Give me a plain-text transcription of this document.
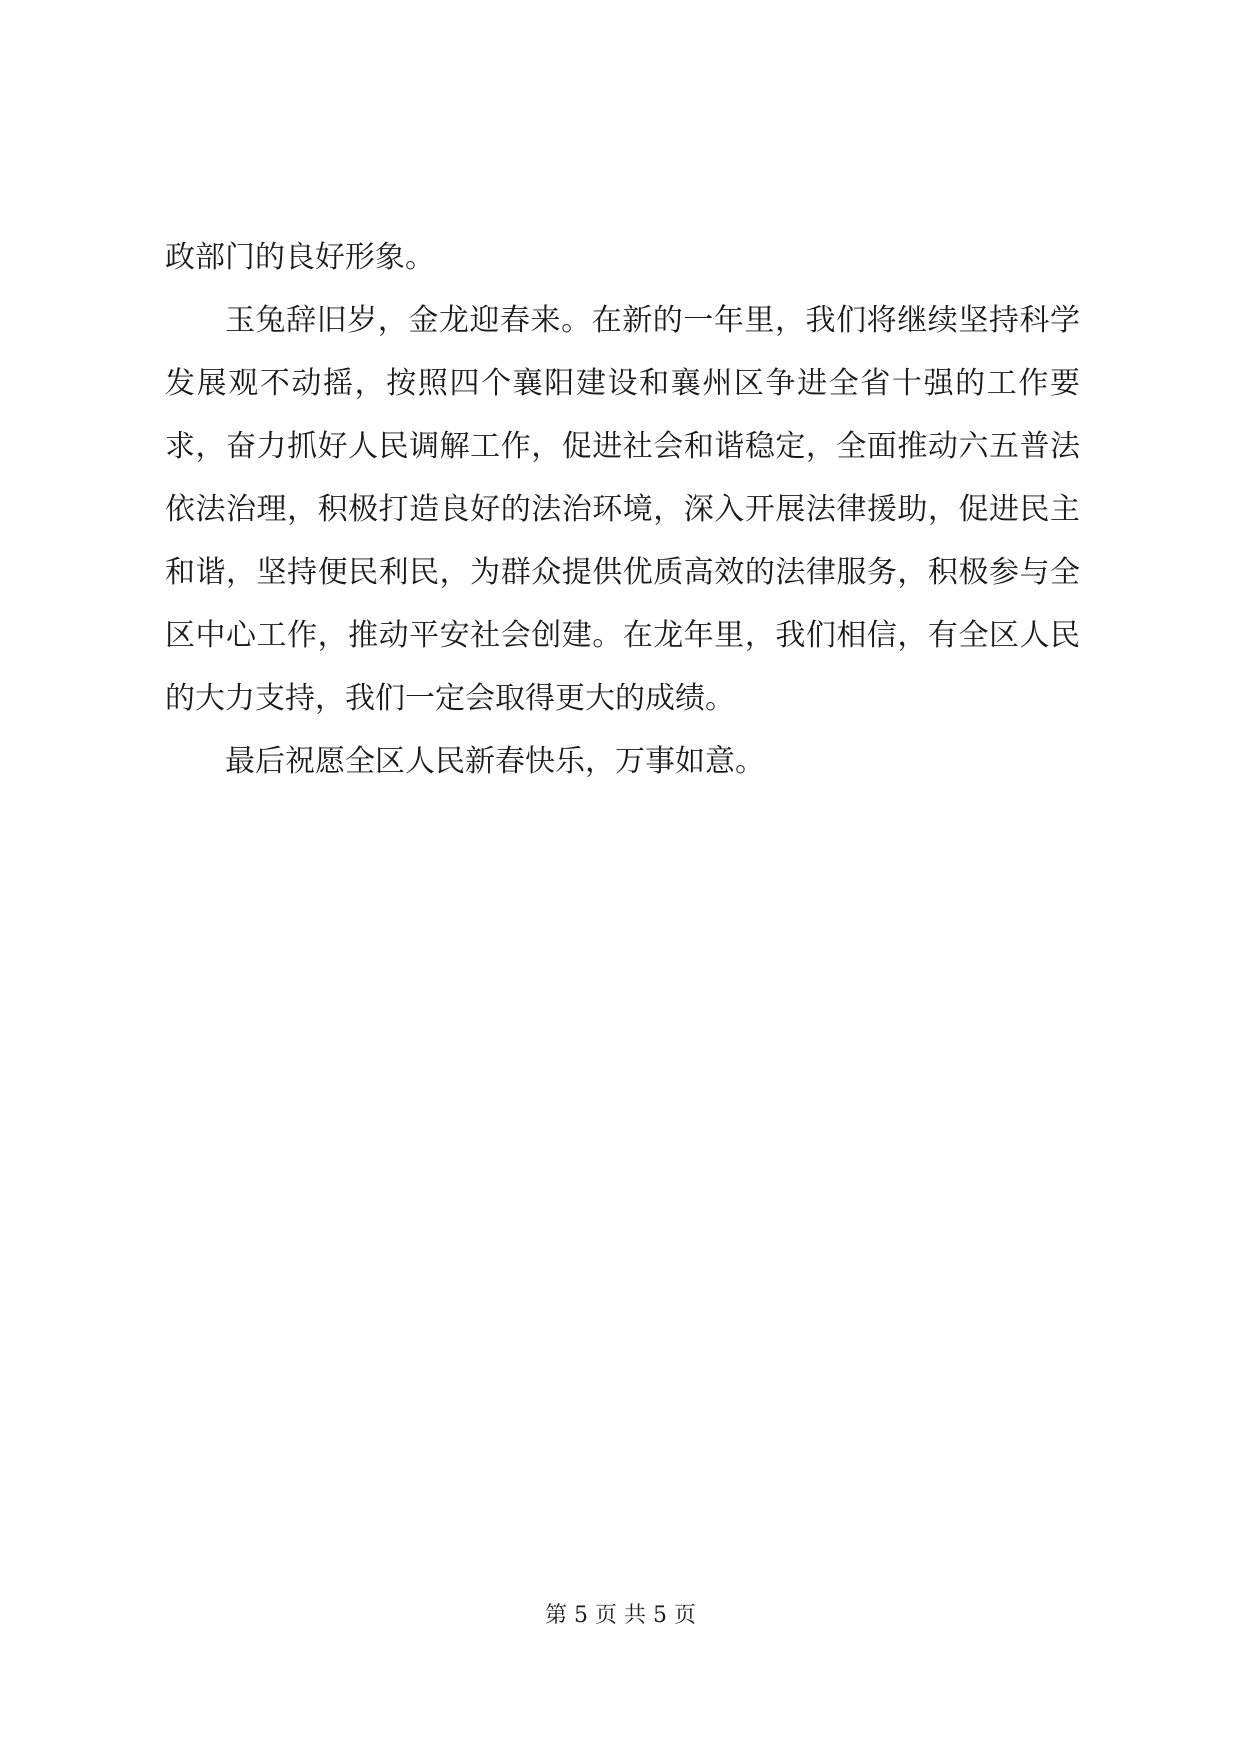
政部门的良好形象。

玉兔辞旧岁，金龙迎春来。在新的一年里，我们将继续坚持科学发展观不动摇，按照四个襄阳建设和襄州区争进全省十强的工作要求，奋力抓好人民调解工作，促进社会和谐稳定，全面推动六五普法依法治理，积极打造良好的法治环境，深入开展法律援助，促进民主和谐，坚持便民利民，为群众提供优质高效的法律服务，积极参与全区中心工作，推动平安社会创建。在龙年里，我们相信，有全区人民的大力支持，我们一定会取得更大的成绩。

最后祝愿全区人民新春快乐，万事如意。

第 5 页 共 5 页
